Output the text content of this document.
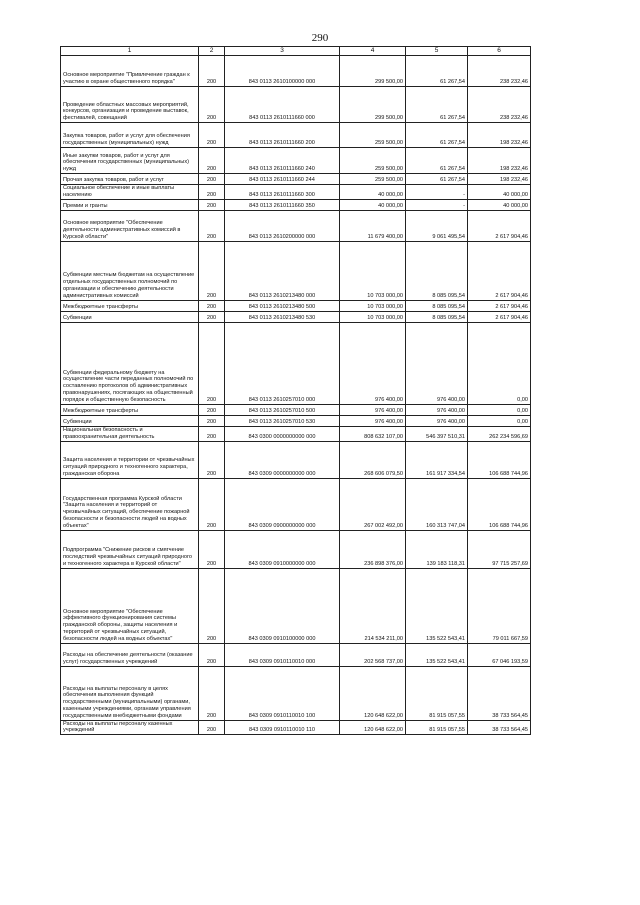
290
1	2	3	4	5	6
Основное мероприятие "Привлечение граждан к участию в охране общественного порядка"	200	843 0113 2610100000 000	299 500,00	61 267,54	238 232,46
Проведение областных массовых мероприятий, конкурсов, организация и проведение выставок, фестивалей, совещаний	200	843 0113 2610111660 000	299 500,00	61 267,54	238 232,46
Закупка товаров, работ и услуг для обеспечения государственных (муниципальных) нужд	200	843 0113 2610111660 200	259 500,00	61 267,54	198 232,46
Иные закупки товаров, работ и услуг для обеспечения государственных (муниципальных) нужд	200	843 0113 2610111660 240	259 500,00	61 267,54	198 232,46
Прочая закупка товаров, работ и услуг	200	843 0113 2610111660 244	259 500,00	61 267,54	198 232,46
Социальное обеспечение и иные выплаты населению	200	843 0113 2610111660 300	40 000,00	-	40 000,00
Премии и гранты	200	843 0113 2610111660 350	40 000,00	-	40 000,00
Основное мероприятие "Обеспечение деятельности административных комиссий в Курской области"	200	843 0113 2610200000 000	11 679 400,00	9 061 495,54	2 617 904,46
Субвенции местным бюджетам на осуществление отдельных государственных полномочий по организации и обеспечению деятельности административных комиссий	200	843 0113 2610213480 000	10 703 000,00	8 085 095,54	2 617 904,46
Межбюджетные трансферты	200	843 0113 2610213480 500	10 703 000,00	8 085 095,54	2 617 904,46
Субвенции	200	843 0113 2610213480 530	10 703 000,00	8 085 095,54	2 617 904,46
Субвенции федеральному бюджету на осуществление части переданных полномочий по составлению протоколов об административных правонарушениях, посягающих на общественный порядок и общественную безопасность	200	843 0113 2610257010 000	976 400,00	976 400,00	0,00
Межбюджетные трансферты	200	843 0113 2610257010 500	976 400,00	976 400,00	0,00
Субвенции	200	843 0113 2610257010 530	976 400,00	976 400,00	0,00
Национальная безопасность и правоохранительная деятельность	200	843 0300 0000000000 000	808 632 107,00	546 397 510,31	262 234 596,69
Защита населения и территории от чрезвычайных ситуаций природного и техногенного характера, гражданская оборона	200	843 0309 0000000000 000	268 606 079,50	161 917 334,54	106 688 744,96
Государственная программа Курской области "Защита населения и территорий от чрезвычайных ситуаций, обеспечение пожарной безопасности и безопасности людей на водных объектах"	200	843 0309 0900000000 000	267 002 492,00	160 313 747,04	106 688 744,96
Подпрограмма "Снижение рисков и смягчение последствий чрезвычайных ситуаций природного и техногенного характера в Курской области"	200	843 0309 0910000000 000	236 898 376,00	139 183 118,31	97 715 257,69
Основное мероприятие "Обеспечение эффективного функционирования системы гражданской обороны, защиты населения и территорий от чрезвычайных ситуаций, безопасности людей на водных объектах"	200	843 0309 0910100000 000	214 534 211,00	135 522 543,41	79 011 667,59
Расходы на обеспечение деятельности (оказание услуг) государственных учреждений	200	843 0309 0910110010 000	202 568 737,00	135 522 543,41	67 046 193,59
Расходы на выплаты персоналу в целях обеспечения выполнения функций государственными (муниципальными) органами, казенными учреждениями, органами управления государственными внебюджетными фондами	200	843 0309 0910110010 100	120 648 622,00	81 915 057,55	38 733 564,45
Расходы на выплаты персоналу казенных учреждений	200	843 0309 0910110010 110	120 648 622,00	81 915 057,55	38 733 564,45
